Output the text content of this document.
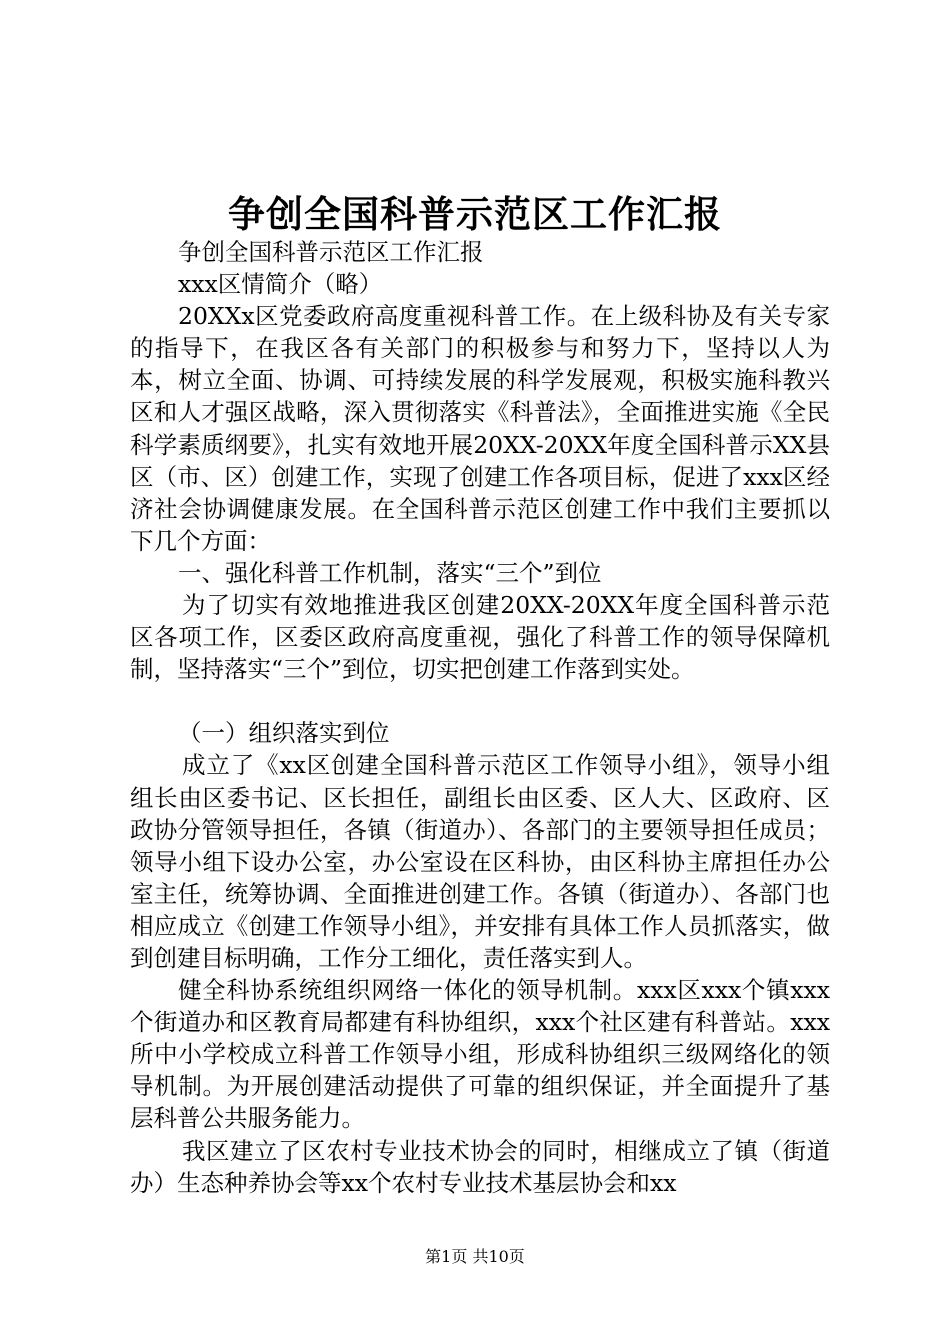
争创全国科普示范区工作汇报

争创全国科普示范区工作汇报

xxx区情简介（略）

20XXx区党委政府高度重视科普工作。在上级科协及有关专家的指导下，在我区各有关部门的积极参与和努力下，坚持以人为本，树立全面、协调、可持续发展的科学发展观，积极实施科教兴区和人才强区战略，深入贯彻落实《科普法》，全面推进实施《全民科学素质纲要》，扎实有效地开展20XX-20XX年度全国科普示XX县区（市、区）创建工作，实现了创建工作各项目标，促进了xxx区经济社会协调健康发展。在全国科普示范区创建工作中我们主要抓以下几个方面：

一、强化科普工作机制，落实“三个”到位

为了切实有效地推进我区创建20XX-20XX年度全国科普示范区各项工作，区委区政府高度重视，强化了科普工作的领导保障机制，坚持落实“三个”到位，切实把创建工作落到实处。

（一）组织落实到位

成立了《xx区创建全国科普示范区工作领导小组》，领导小组组长由区委书记、区长担任，副组长由区委、区人大、区政府、区政协分管领导担任，各镇（街道办）、各部门的主要领导担任成员；领导小组下设办公室，办公室设在区科协，由区科协主席担任办公室主任，统筹协调、全面推进创建工作。各镇（街道办）、各部门也相应成立《创建工作领导小组》，并安排有具体工作人员抓落实，做到创建目标明确，工作分工细化，责任落实到人。

健全科协系统组织网络一体化的领导机制。xxx区xxx个镇xxx个街道办和区教育局都建有科协组织，xxx个社区建有科普站。xxx所中小学校成立科普工作领导小组，形成科协组织三级网络化的领导机制。为开展创建活动提供了可靠的组织保证，并全面提升了基层科普公共服务能力。

我区建立了区农村专业技术协会的同时，相继成立了镇（街道办）生态种养协会等xx个农村专业技术基层协会和xx

第1页 共10页
